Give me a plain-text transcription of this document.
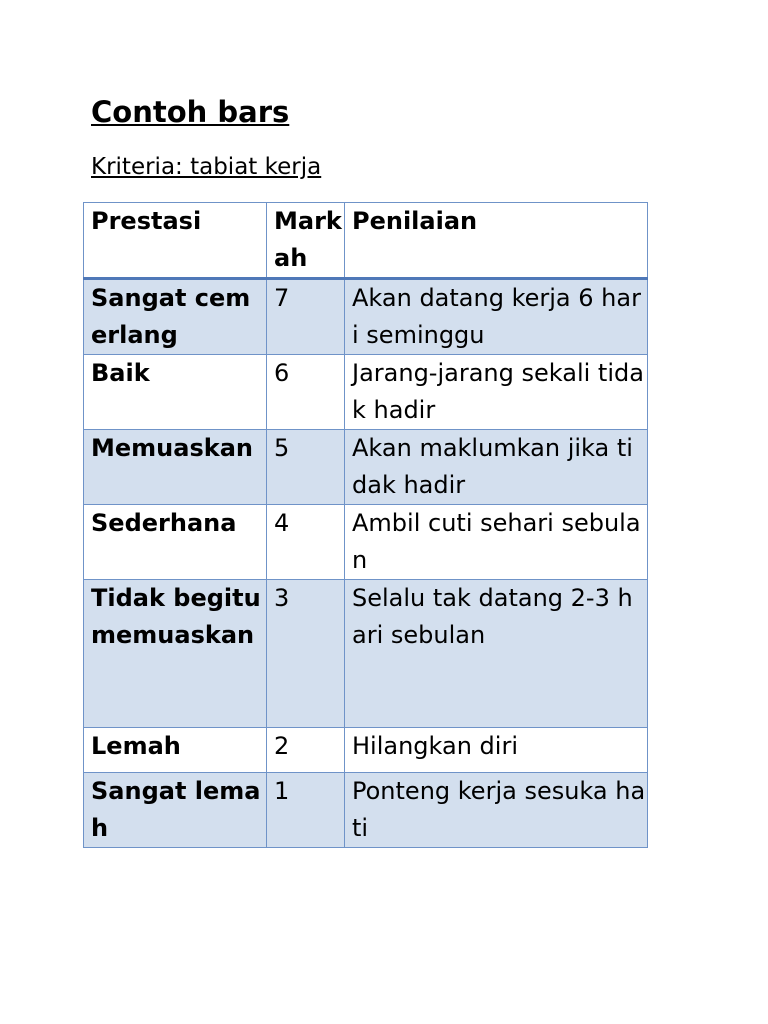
Contoh bars

Kriteria: tabiat kerja

Prestasi	Markah	Penilaian
Sangat cemerlang	7	Akan datang kerja 6 hari seminggu
Baik	6	Jarang-jarang sekali tidak hadir
Memuaskan	5	Akan maklumkan jika tidak hadir
Sederhana	4	Ambil cuti sehari sebulan
Tidak begitu memuaskan	3	Selalu tak datang 2-3 hari sebulan
Lemah	2	Hilangkan diri
Sangat lemah	1	Ponteng kerja sesuka hati
